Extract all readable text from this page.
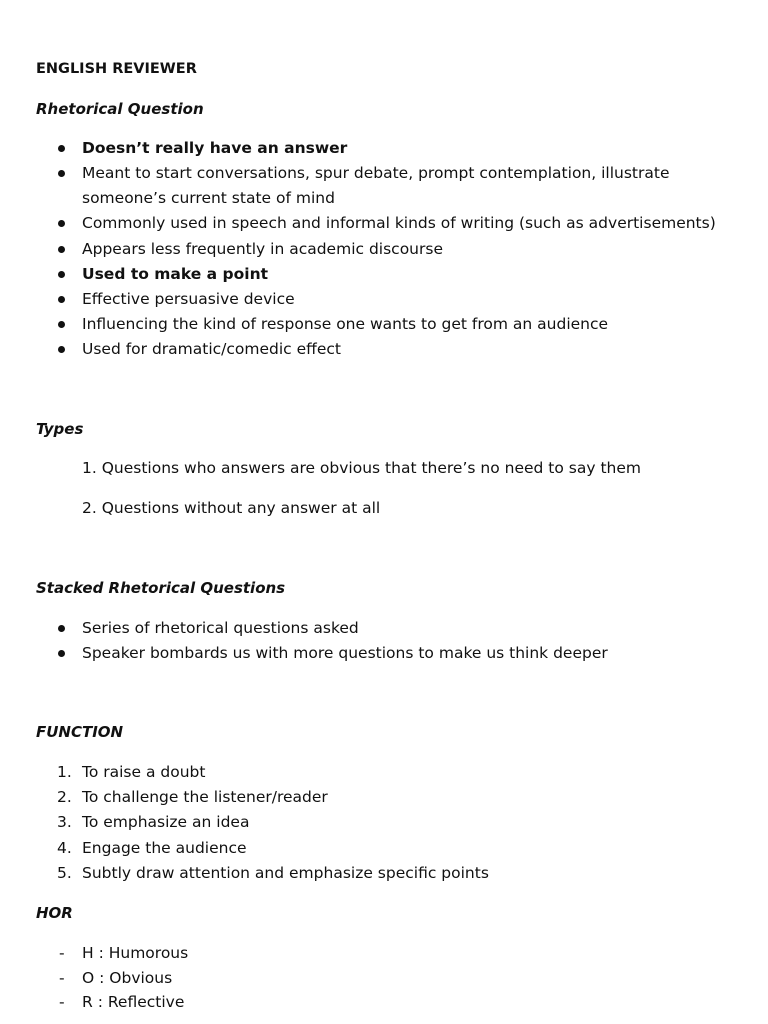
ENGLISH REVIEWER
Rhetorical Question
Doesn’t really have an answer
Meant to start conversations, spur debate, prompt contemplation, illustrate
someone’s current state of mind
Commonly used in speech and informal kinds of writing (such as advertisements)
Appears less frequently in academic discourse
Used to make a point
Effective persuasive device
Influencing the kind of response one wants to get from an audience
Used for dramatic/comedic effect
Types
1. Questions who answers are obvious that there’s no need to say them
2. Questions without any answer at all
Stacked Rhetorical Questions
Series of rhetorical questions asked
Speaker bombards us with more questions to make us think deeper
FUNCTION
1. To raise a doubt
2. To challenge the listener/reader
3. To emphasize an idea
4. Engage the audience
5. Subtly draw attention and emphasize specific points
HOR
- H : Humorous
- O : Obvious
- R : Reflective
